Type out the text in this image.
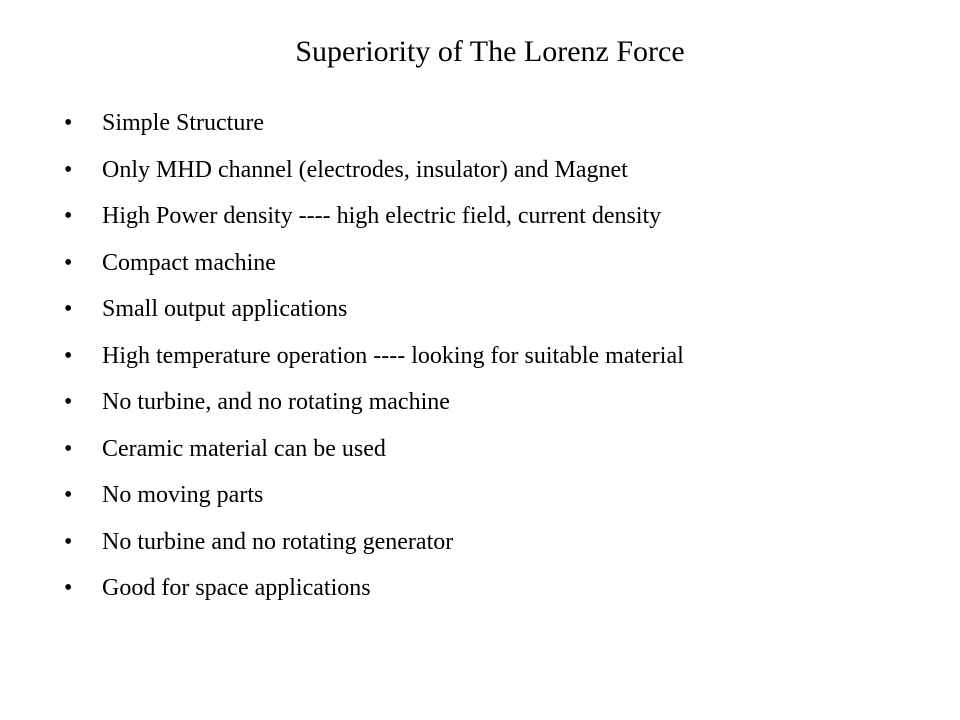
Superiority of The Lorenz Force
•	Simple Structure
•	Only MHD channel (electrodes, insulator) and Magnet
•	High Power density ---- high electric field, current density
•	Compact machine
•	Small output applications
•	High temperature operation ---- looking for suitable material
•	No turbine, and no rotating machine
•	Ceramic material can be used
•	No moving parts
•	No turbine and no rotating generator
•	Good for space applications
